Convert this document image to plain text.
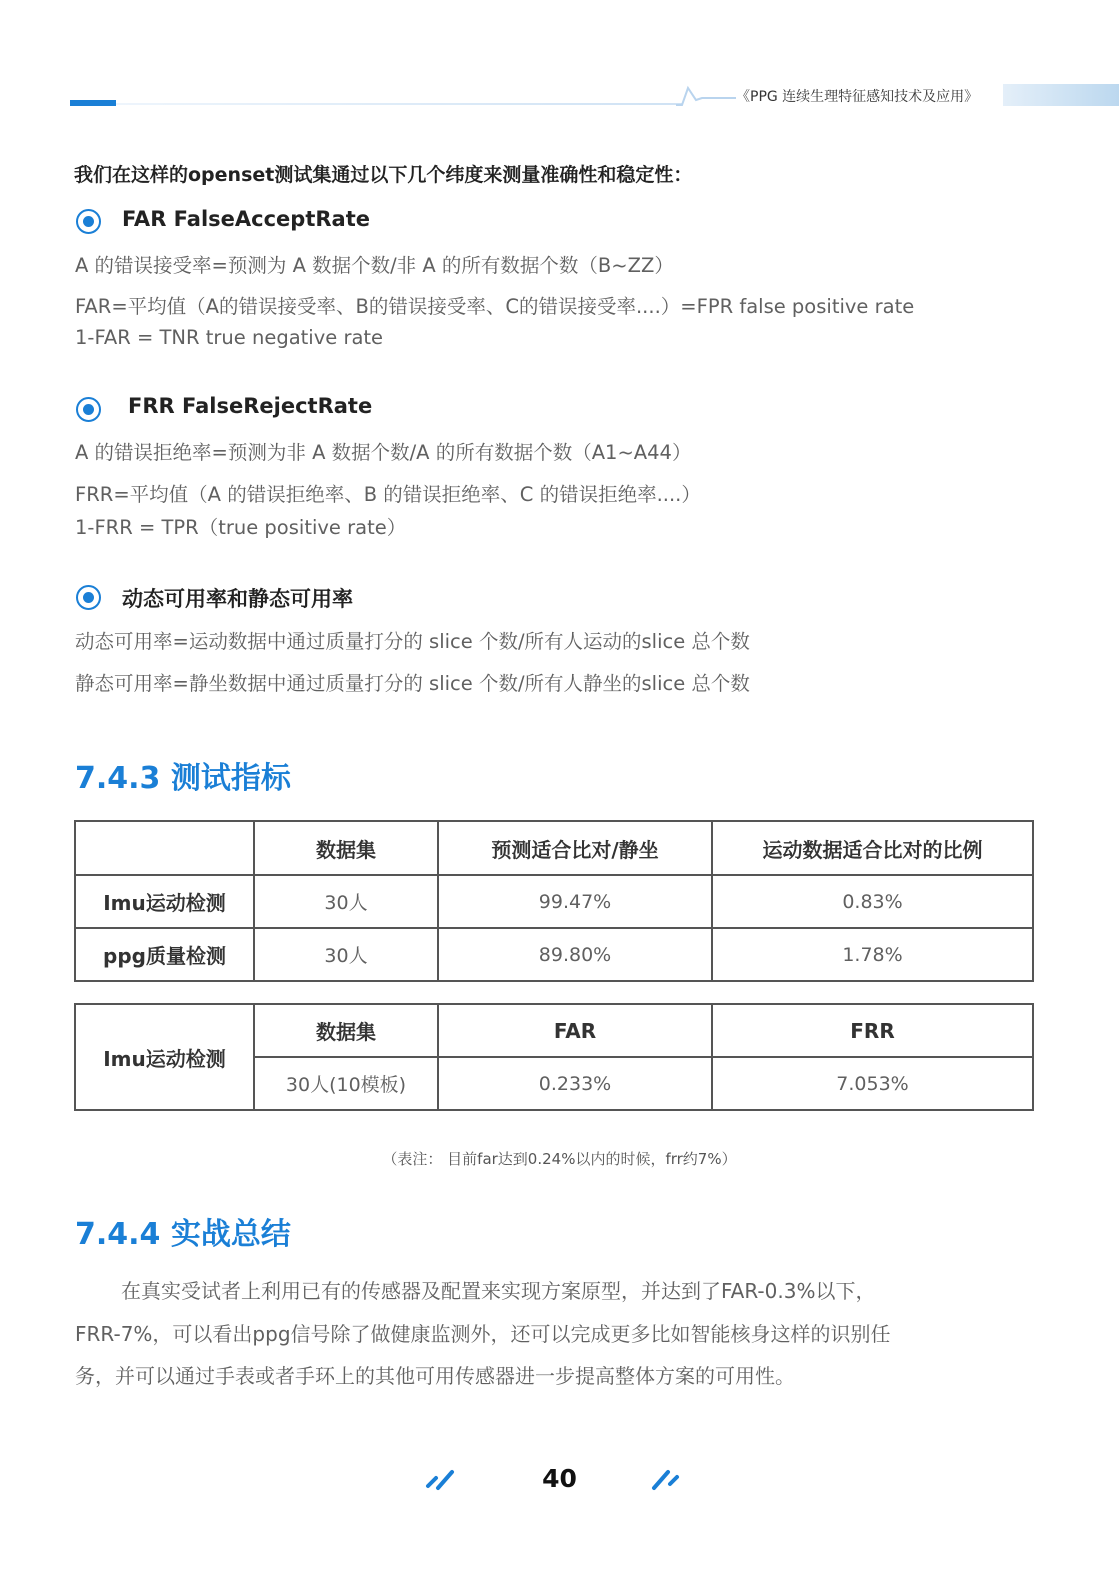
《PPG 连续生理特征感知技术及应用》
我们在这样的openset测试集通过以下几个纬度来测量准确性和稳定性：
FAR FalseAcceptRate
A 的错误接受率=预测为 A 数据个数/非 A 的所有数据个数（B~ZZ）
FAR=平均值（A的错误接受率、B的错误接受率、C的错误接受率....）=FPR false positive rate
1-FAR = TNR true negative rate
FRR FalseRejectRate
A 的错误拒绝率=预测为非 A 数据个数/A 的所有数据个数（A1~A44）
FRR=平均值（A 的错误拒绝率、B 的错误拒绝率、C 的错误拒绝率....）
1-FRR = TPR（true positive rate）
动态可用率和静态可用率
动态可用率=运动数据中通过质量打分的 slice 个数/所有人运动的slice 总个数
静态可用率=静坐数据中通过质量打分的 slice 个数/所有人静坐的slice 总个数
7.4.3 测试指标
	数据集	预测适合比对/静坐	运动数据适合比对的比例
Imu运动检测	30人	99.47%	0.83%
ppg质量检测	30人	89.80%	1.78%
Imu运动检测	数据集	FAR	FRR
	30人(10模板)	0.233%	7.053%
（表注： 目前far达到0.24%以内的时候，frr约7%）
7.4.4 实战总结
在真实受试者上利用已有的传感器及配置来实现方案原型，并达到了FAR-0.3%以下，
FRR-7%，可以看出ppg信号除了做健康监测外，还可以完成更多比如智能核身这样的识别任
务，并可以通过手表或者手环上的其他可用传感器进一步提高整体方案的可用性。
40
